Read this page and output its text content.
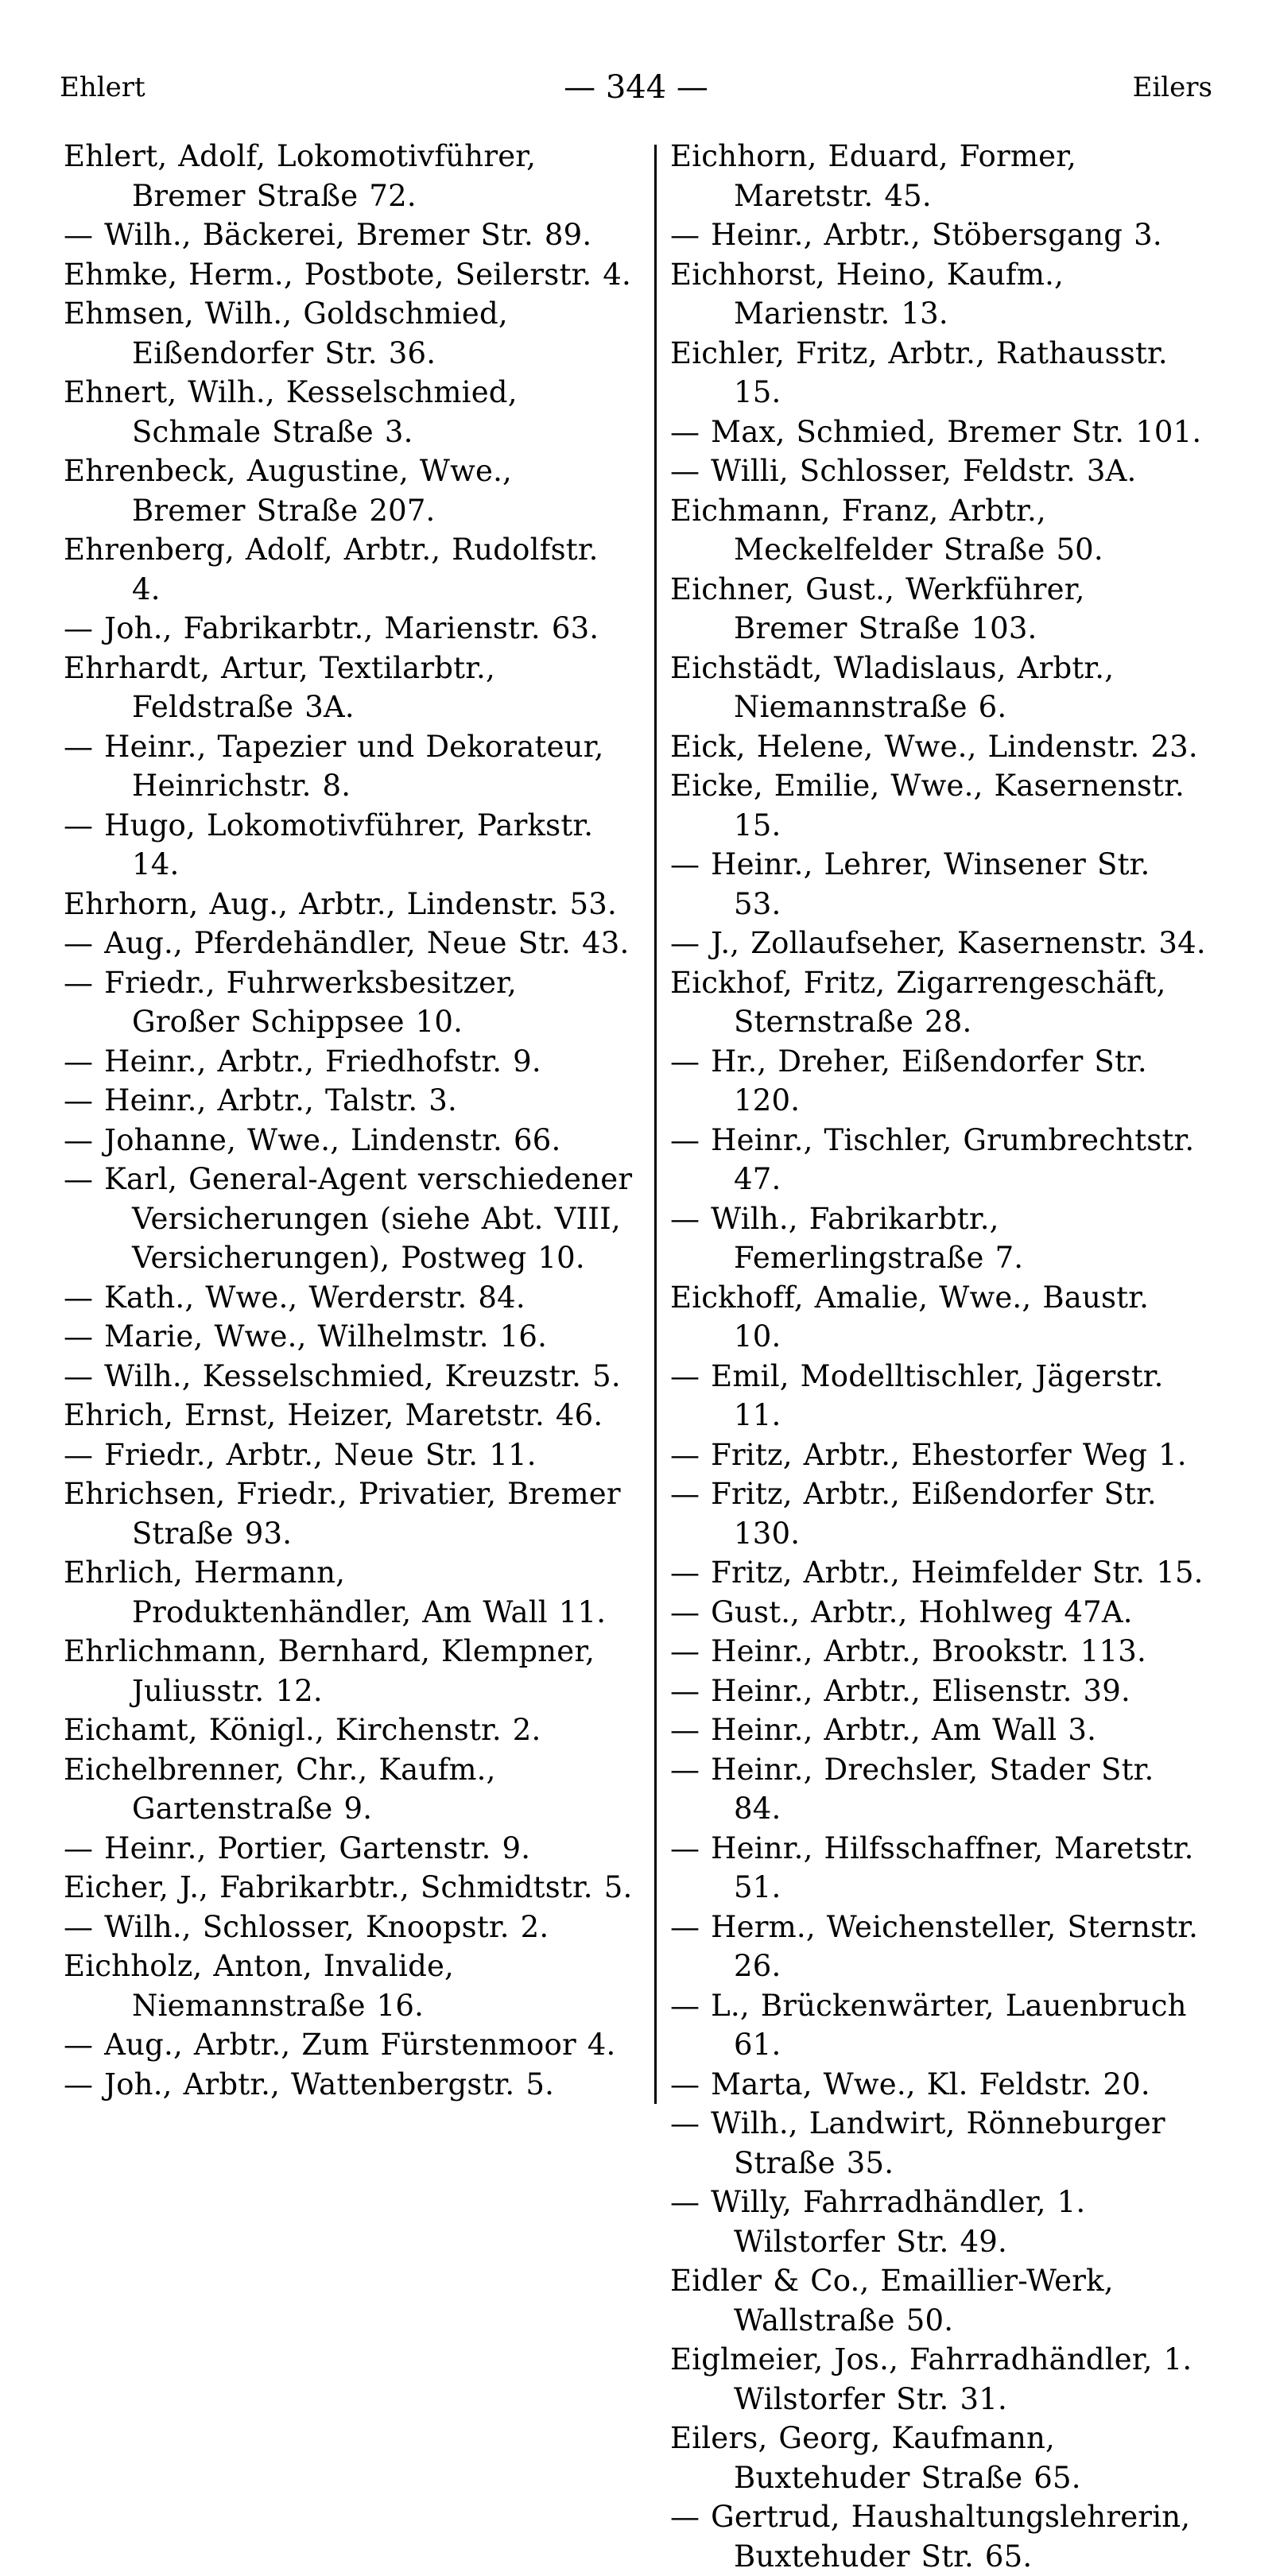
Ehlert	— 344 —	Eilers

Ehlert, Adolf, Lokomotivführer, Bremer Straße 72.

— Wilh., Bäckerei, Bremer Str. 89.

Ehmke, Herm., Postbote, Seilerstr. 4.

Ehmsen, Wilh., Goldschmied, Eißendorfer Str. 36.

Ehnert, Wilh., Kesselschmied, Schmale Straße 3.

Ehrenbeck, Augustine, Wwe., Bremer Straße 207.

Ehrenberg, Adolf, Arbtr., Rudolfstr. 4.

— Joh., Fabrikarbtr., Marienstr. 63.

Ehrhardt, Artur, Textilarbtr., Feldstraße 3A.

— Heinr., Tapezier und Dekorateur, Heinrichstr. 8.

— Hugo, Lokomotivführer, Parkstr. 14.

Ehrhorn, Aug., Arbtr., Lindenstr. 53.

— Aug., Pferdehändler, Neue Str. 43.

— Friedr., Fuhrwerksbesitzer, Großer Schippsee 10.

— Heinr., Arbtr., Friedhofstr. 9.

— Heinr., Arbtr., Talstr. 3.

— Johanne, Wwe., Lindenstr. 66.

— Karl, General-Agent verschiedener Versicherungen (siehe Abt. VIII, Versicherungen), Postweg 10.

— Kath., Wwe., Werderstr. 84.

— Marie, Wwe., Wilhelmstr. 16.

— Wilh., Kesselschmied, Kreuzstr. 5.

Ehrich, Ernst, Heizer, Maretstr. 46.

— Friedr., Arbtr., Neue Str. 11.

Ehrichsen, Friedr., Privatier, Bremer Straße 93.

Ehrlich, Hermann, Produktenhändler, Am Wall 11.

Ehrlichmann, Bernhard, Klempner, Juliusstr. 12.

Eichamt, Königl., Kirchenstr. 2.

Eichelbrenner, Chr., Kaufm., Gartenstraße 9.

— Heinr., Portier, Gartenstr. 9.

Eicher, J., Fabrikarbtr., Schmidtstr. 5.

— Wilh., Schlosser, Knoopstr. 2.

Eichholz, Anton, Invalide, Niemannstraße 16.

— Aug., Arbtr., Zum Fürstenmoor 4.

— Joh., Arbtr., Wattenbergstr. 5.

Eichhorn, Eduard, Former, Maretstr. 45.

— Heinr., Arbtr., Stöbersgang 3.

Eichhorst, Heino, Kaufm., Marienstr. 13.

Eichler, Fritz, Arbtr., Rathausstr. 15.

— Max, Schmied, Bremer Str. 101.

— Willi, Schlosser, Feldstr. 3A.

Eichmann, Franz, Arbtr., Meckelfelder Straße 50.

Eichner, Gust., Werkführer, Bremer Straße 103.

Eichstädt, Wladislaus, Arbtr., Niemannstraße 6.

Eick, Helene, Wwe., Lindenstr. 23.

Eicke, Emilie, Wwe., Kasernenstr. 15.

— Heinr., Lehrer, Winsener Str. 53.

— J., Zollaufseher, Kasernenstr. 34.

Eickhof, Fritz, Zigarrengeschäft, Sternstraße 28.

— Hr., Dreher, Eißendorfer Str. 120.

— Heinr., Tischler, Grumbrechtstr. 47.

— Wilh., Fabrikarbtr., Femerlingstraße 7.

Eickhoff, Amalie, Wwe., Baustr. 10.

— Emil, Modelltischler, Jägerstr. 11.

— Fritz, Arbtr., Ehestorfer Weg 1.

— Fritz, Arbtr., Eißendorfer Str. 130.

— Fritz, Arbtr., Heimfelder Str. 15.

— Gust., Arbtr., Hohlweg 47A.

— Heinr., Arbtr., Brookstr. 113.

— Heinr., Arbtr., Elisenstr. 39.

— Heinr., Arbtr., Am Wall 3.

— Heinr., Drechsler, Stader Str. 84.

— Heinr., Hilfsschaffner, Maretstr. 51.

— Herm., Weichensteller, Sternstr. 26.

— L., Brückenwärter, Lauenbruch 61.

— Marta, Wwe., Kl. Feldstr. 20.

— Wilh., Landwirt, Rönneburger Straße 35.

— Willy, Fahrradhändler, 1. Wilstorfer Str. 49.

Eidler & Co., Emaillier-Werk, Wallstraße 50.

Eiglmeier, Jos., Fahrradhändler, 1. Wilstorfer Str. 31.

Eilers, Georg, Kaufmann, Buxtehuder Straße 65.

— Gertrud, Haushaltungslehrerin, Buxtehuder Str. 65.
